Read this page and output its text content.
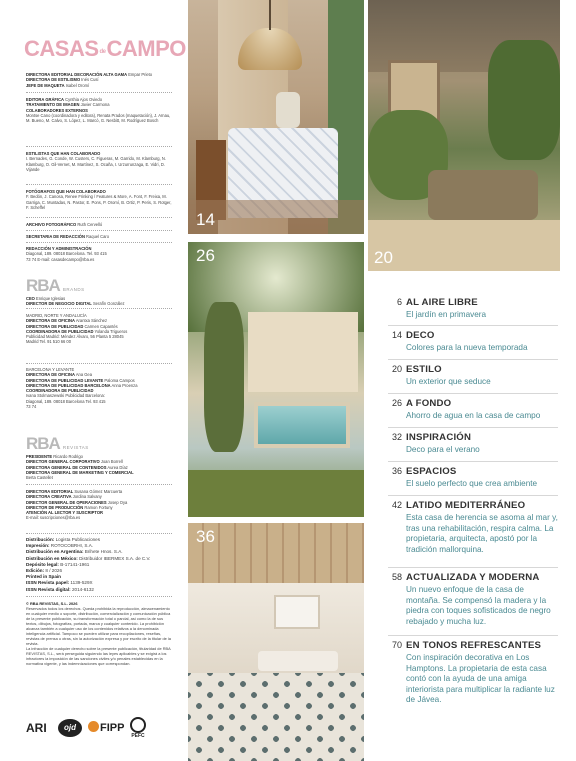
CASASdeCAMPO
DIRECTORA EDITORIAL DECORACIÓN ALTA GAMA Empar Prieto
DIRECTORA DE ESTILISMO Inés Cusí
JEFE DE MAQUETA Isabel Oromí
EDITORA GRÁFICA Cynthia Ajos Oviedo
TRATAMIENTO DE IMAGEN Javier Carmona
COLABORADORES EXTERNOS
Montse Cano (coordinadora y editora), Renata Prados (maquetación), J. Arnau, M. Bueno, M. Calvo, S. López, L. Marcó, G. Nesbitt, M. Rodríguez Bosch
ESTILISTAS QUE HAN COLABORADO
I. Bernades, G. Conde, W. Custers, C. Figueras, M. Garrido, M. Klamburg, N. Klamburg, O. Gil-Vernet, M. Martínez, S. Ocaña, I. Urzurrunzaga, E. Vidri, D. Vijande
FOTÓGRAFOS QUE HAN COLABORADO
F. Bedón, J. Canosa, Renee Frinking / Features & More, A. Font, F. Freixa, M. Garriga, C. Muntadas, N. Pastor, E. Pons, P. Oromí, B. Ortiz, P. Peris, S. Rotger, F. Scheffel
ARCHIVO FOTOGRÁFICO Ruth Cervelló
SECRETARIA DE REDACCIÓN Raquel Caro
REDACCIÓN Y ADMINISTRACIÓN
Diagonal, 189. 08018 Barcelona. Tel. 93 415 73 74 E-mail: casasdecampo@rba.es
RBA BRANDS
CEO Enrique Iglesias
DIRECTOR DE NEGOCIO DIGITAL Serafín González
MADRID, NORTE Y ANDALUCÍA
DIRECTORA DE OFICINA Arantxa Sánchez
DIRECTORA DE PUBLICIDAD Carmen Capantés
COORDINADORA DE PUBLICIDAD Yolanda Trigueros
Publicidad Madrid: Méndez Álvaro, 56 Planta 5 28045 Madrid Tel. 91 510 66 00
BARCELONA Y LEVANTE
DIRECTORA DE OFICINA Ana Gea
DIRECTORA DE PUBLICIDAD LEVANTE Paloma Campos
DIRECTORA DE PUBLICIDAD BARCELONA Anna Proenza
COORDINADORA DE PUBLICIDAD
Ivana Stolmaszewski Publicidad Barcelona: Diagonal, 189. 08018 Barcelona Tel. 93 415 73 74
RBA REVISTAS
PRESIDENTE Ricardo Rodrigo
DIRECTOR GENERAL CORPORATIVO Joan Borrell
DIRECTORA GENERAL DE CONTENIDOS Aurea Díaz
DIRECTORA GENERAL DE MARKETING Y COMERCIAL
Berta Castellet
DIRECTORA EDITORIAL Susana Gómez Marcuerta
DIRECTORA CREATIVA Jordina Salvany
DIRECTOR GENERAL DE OPERACIONES Josep Oya
DIRECTOR DE PRODUCCIÓN Ramon Fortuny
ATENCIÓN AL LECTOR Y SUSCRIPTOR
E-mail: suscripciones@rba.es
Distribución: Logista Publicaciones
Impresión: ROTOCOBRHI, S.A.
Distribución en Argentina: Brihete Hnos. S.A.
Distribución en México: Distribuidor IBERMEX S.A. de C.V.
Depósito legal: B-17141-1961
Edición: 8 / 2026
Printed in Spain
ISSN Revista papel: 1139-529X
ISSN Revista digital: 2014-6132
© RBA REVISTAS, S.L. 2026
Reservados todos los derechos. Queda prohibida la reproducción, almacenamiento en cualquier medio o soporte, distribución, comercialización y comunicación pública de la presente publicación, su transformación total o parcial, así como la de sus textos, dibujos, fotografías, portada, marca y cualquier contenido. La prohibición alcanza también a cualquier uso de los contenidos relativos a la denominada inteligencia artificial. Tampoco se pueden utilizar para recopilaciones, reseñas, revistas de prensa u otras, sin la autorización expresa y por escrito de la titular de la revista.
La infracción de cualquier derecho sobre la presente publicación, titularidad de RBA REVISTAS, S.L., será perseguida siguiendo las leyes aplicables y se exigirá a los infractores la imposición de las sanciones civiles y/o penales establecidas en la normativa vigente, y las indemnizaciones que correspondan.
ARI	ojd	FIPP
PEFC
14
20
26
36
6 AL AIRE LIBRE
El jardín en primavera
14 DECO
Colores para la nueva temporada
20 ESTILO
Un exterior que seduce
26 A FONDO
Ahorro de agua en la casa de campo
32 INSPIRACIÓN
Deco para el verano
36 ESPACIOS
El suelo perfecto que crea ambiente
42 LATIDO MEDITERRÁNEO
Esta casa de herencia se asoma al mar y, tras una rehabilitación, respira calma. La propietaria, arquitecta, apostó por la tradición mallorquina.
58 ACTUALIZADA Y MODERNA
Un nuevo enfoque de la casa de montaña. Se compensó la madera y la piedra con toques sofisticados de negro rebajado y mucha luz.
70 EN TONOS REFRESCANTES
Con inspiración decorativa en Los Hamptons. La propietaria de esta casa contó con la ayuda de una amiga interiorista para multiplicar la radiante luz de Jávea.
